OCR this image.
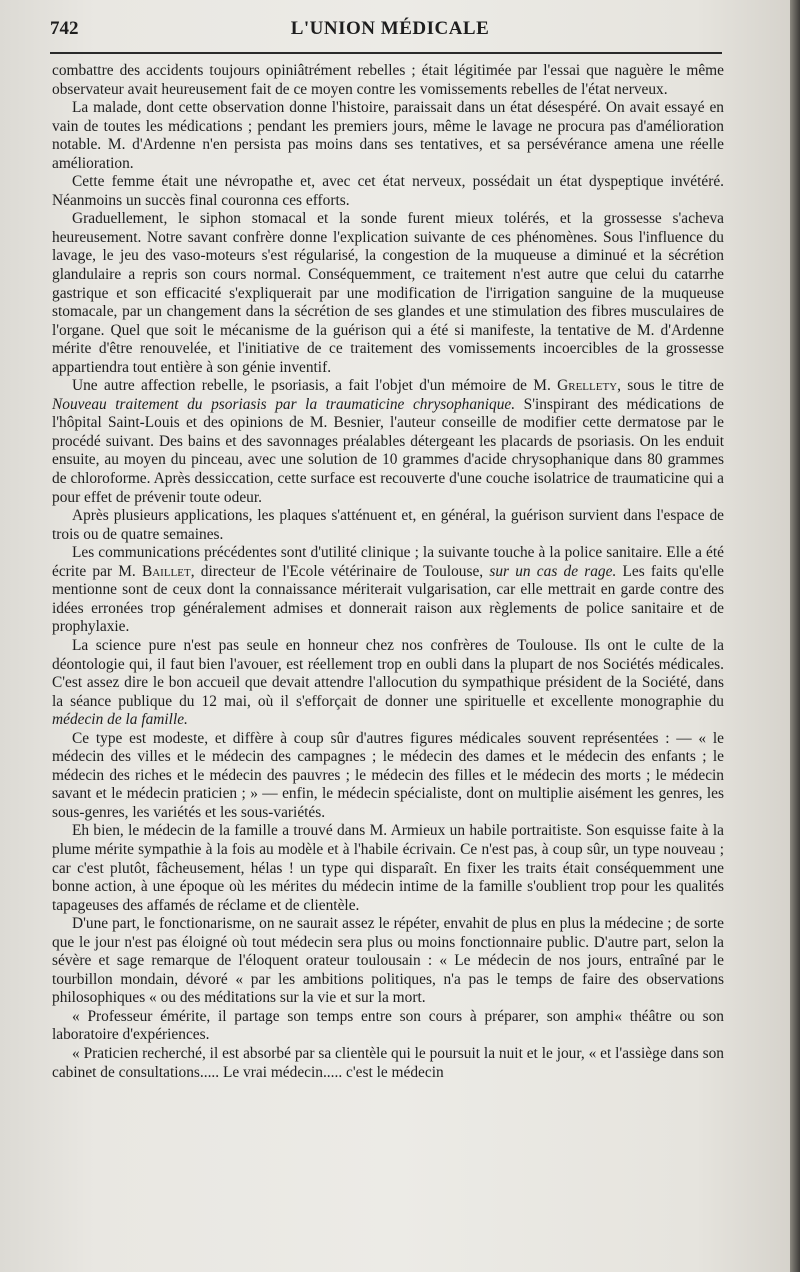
742	L'UNION MÉDICALE

combattre des accidents toujours opiniâtrément rebelles ; était légitimée par l'essai que naguère le même observateur avait heureusement fait de ce moyen contre les vomissements rebelles de l'état nerveux.

La malade, dont cette observation donne l'histoire, paraissait dans un état désespéré. On avait essayé en vain de toutes les médications ; pendant les premiers jours, même le lavage ne procura pas d'amélioration notable. M. d'Ardenne n'en persista pas moins dans ses tentatives, et sa persévérance amena une réelle amélioration.

Cette femme était une névropathe et, avec cet état nerveux, possédait un état dyspeptique invétéré. Néanmoins un succès final couronna ces efforts.

Graduellement, le siphon stomacal et la sonde furent mieux tolérés, et la grossesse s'acheva heureusement. Notre savant confrère donne l'explication suivante de ces phénomènes. Sous l'influence du lavage, le jeu des vaso-moteurs s'est régularisé, la congestion de la muqueuse a diminué et la sécrétion glandulaire a repris son cours normal. Conséquemment, ce traitement n'est autre que celui du catarrhe gastrique et son efficacité s'expliquerait par une modification de l'irrigation sanguine de la muqueuse stomacale, par un changement dans la sécrétion de ses glandes et une stimulation des fibres musculaires de l'organe. Quel que soit le mécanisme de la guérison qui a été si manifeste, la tentative de M. d'Ardenne mérite d'être renouvelée, et l'initiative de ce traitement des vomissements incoercibles de la grossesse appartiendra tout entière à son génie inventif.

Une autre affection rebelle, le psoriasis, a fait l'objet d'un mémoire de M. Grellety, sous le titre de Nouveau traitement du psoriasis par la traumaticine chrysophanique. S'inspirant des médications de l'hôpital Saint-Louis et des opinions de M. Besnier, l'auteur conseille de modifier cette dermatose par le procédé suivant. Des bains et des savonnages préalables détergeant les placards de psoriasis. On les enduit ensuite, au moyen du pinceau, avec une solution de 10 grammes d'acide chrysophanique dans 80 grammes de chloroforme. Après dessiccation, cette surface est recouverte d'une couche isolatrice de traumaticine qui a pour effet de prévenir toute odeur.

Après plusieurs applications, les plaques s'atténuent et, en général, la guérison survient dans l'espace de trois ou de quatre semaines.

Les communications précédentes sont d'utilité clinique ; la suivante touche à la police sanitaire. Elle a été écrite par M. Baillet, directeur de l'Ecole vétérinaire de Toulouse, sur un cas de rage. Les faits qu'elle mentionne sont de ceux dont la connaissance mériterait vulgarisation, car elle mettrait en garde contre des idées erronées trop généralement admises et donnerait raison aux règlements de police sanitaire et de prophylaxie.

La science pure n'est pas seule en honneur chez nos confrères de Toulouse. Ils ont le culte de la déontologie qui, il faut bien l'avouer, est réellement trop en oubli dans la plupart de nos Sociétés médicales. C'est assez dire le bon accueil que devait attendre l'allocution du sympathique président de la Société, dans la séance publique du 12 mai, où il s'efforçait de donner une spirituelle et excellente monographie du médecin de la famille.

Ce type est modeste, et diffère à coup sûr d'autres figures médicales souvent représentées : — « le médecin des villes et le médecin des campagnes ; le médecin des dames et le médecin des enfants ; le médecin des riches et le médecin des pauvres ; le médecin des filles et le médecin des morts ; le médecin savant et le médecin praticien ; » — enfin, le médecin spécialiste, dont on multiplie aisément les genres, les sous-genres, les variétés et les sous-variétés.

Eh bien, le médecin de la famille a trouvé dans M. Armieux un habile portraitiste. Son esquisse faite à la plume mérite sympathie à la fois au modèle et à l'habile écrivain. Ce n'est pas, à coup sûr, un type nouveau ; car c'est plutôt, fâcheusement, hélas ! un type qui disparaît. En fixer les traits était conséquemment une bonne action, à une époque où les mérites du médecin intime de la famille s'oublient trop pour les qualités tapageuses des affamés de réclame et de clientèle.

D'une part, le fonctionarisme, on ne saurait assez le répéter, envahit de plus en plus la médecine ; de sorte que le jour n'est pas éloigné où tout médecin sera plus ou moins fonctionnaire public. D'autre part, selon la sévère et sage remarque de l'éloquent orateur toulousain : « Le médecin de nos jours, entraîné par le tourbillon mondain, dévoré « par les ambitions politiques, n'a pas le temps de faire des observations philosophiques « ou des méditations sur la vie et sur la mort.

« Professeur émérite, il partage son temps entre son cours à préparer, son amphi« théâtre ou son laboratoire d'expériences.

« Praticien recherché, il est absorbé par sa clientèle qui le poursuit la nuit et le jour, « et l'assiège dans son cabinet de consultations..... Le vrai médecin..... c'est le médecin
